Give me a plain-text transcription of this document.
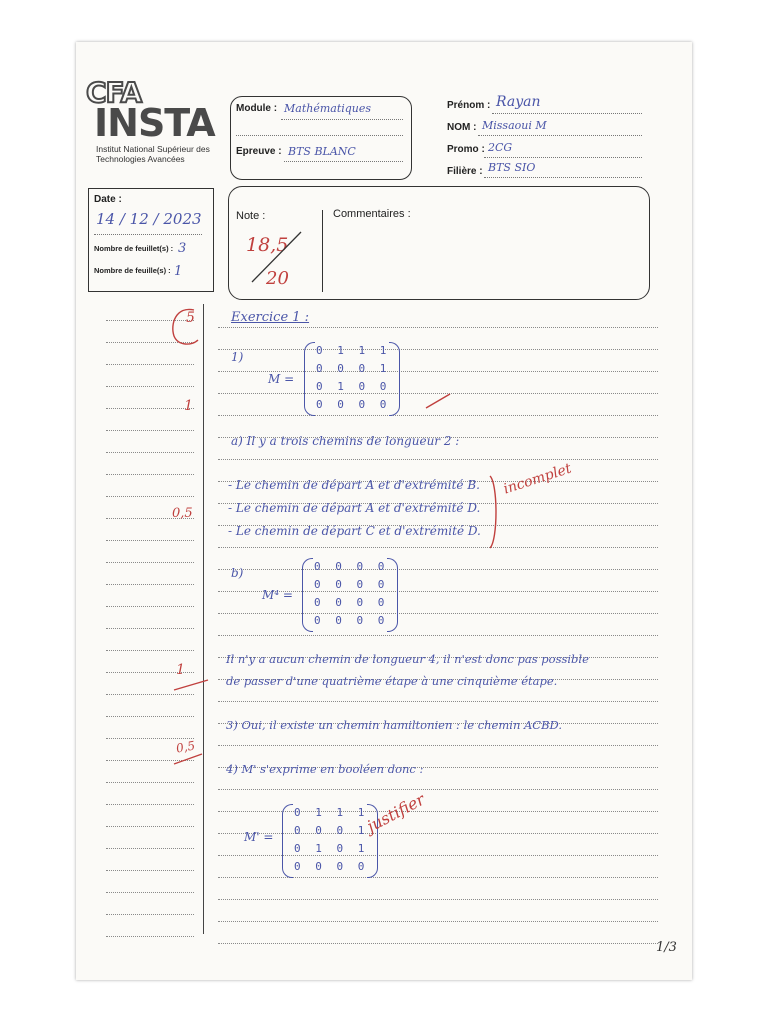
CFA
INSTA
Institut National Supérieur des Technologies Avancées
Module : Mathématiques
Epreuve : BTS BLANC
Prénom : Rayan
NOM : Missaoui M
Promo : 2CG
Filière : BTS SIO
Date :
14 / 12 / 2023
Nombre de feuillet(s) : 3
Nombre de feuille(s) : 1
Note :
18,5
20
Commentaires :
Exercice 1 :
1)
M =
0 1 1 1
0 0 0 1
0 1 0 0
0 0 0 0
a) Il y a trois chemins de longueur 2 :
- Le chemin de départ A et d'extrémité B.
- Le chemin de départ A et d'extrémité D.
- Le chemin de départ C et d'extrémité D.
b)
M⁴ =
0 0 0 0
0 0 0 0
0 0 0 0
0 0 0 0
Il n'y a aucun chemin de longueur 4, il n'est donc pas possible
de passer d'une quatrième étape à une cinquième étape.
3) Oui, il existe un chemin hamiltonien : le chemin ACBD.
4) M' s'exprime en booléen donc :
M' =
0 1 1 1
0 0 0 1
0 1 0 1
0 0 0 0
5
1
0,5
incomplet
1
0,5
justifier
1/3
